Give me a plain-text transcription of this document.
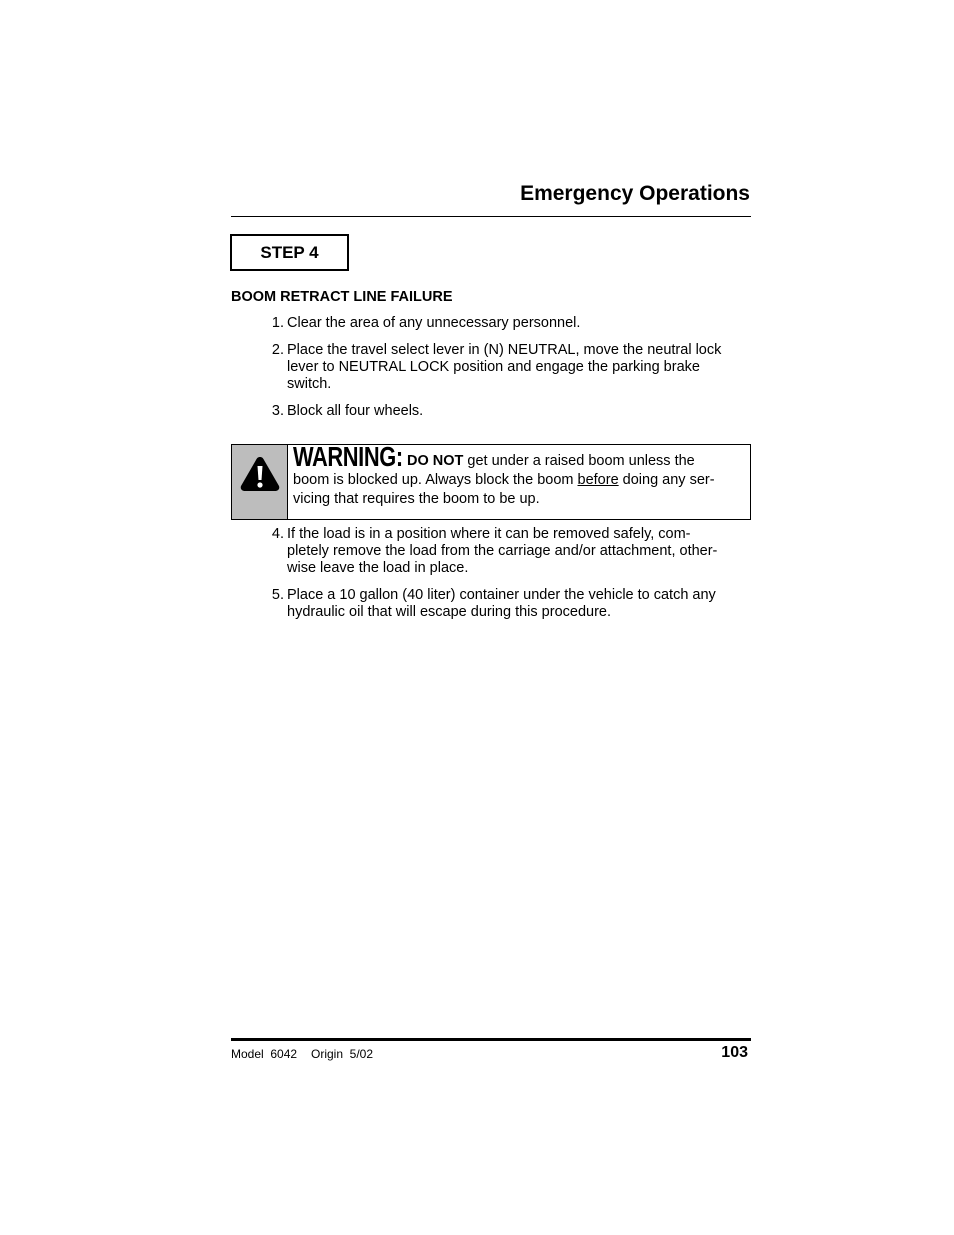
Emergency Operations
STEP 4
BOOM RETRACT LINE FAILURE
1. Clear the area of any unnecessary personnel.
2. Place the travel select lever in (N) NEUTRAL, move the neutral lock
lever to NEUTRAL LOCK position and engage the parking brake
switch.
3. Block all four wheels.
WARNING: DO NOT get under a raised boom unless the
boom is blocked up. Always block the boom before doing any ser-
vicing that requires the boom to be up.
4. If the load is in a position where it can be removed safely, com-
pletely remove the load from the carriage and/or attachment, other-
wise leave the load in place.
5. Place a 10 gallon (40 liter) container under the vehicle to catch any
hydraulic oil that will escape during this procedure.
Model  6042 Origin  5/02	103
